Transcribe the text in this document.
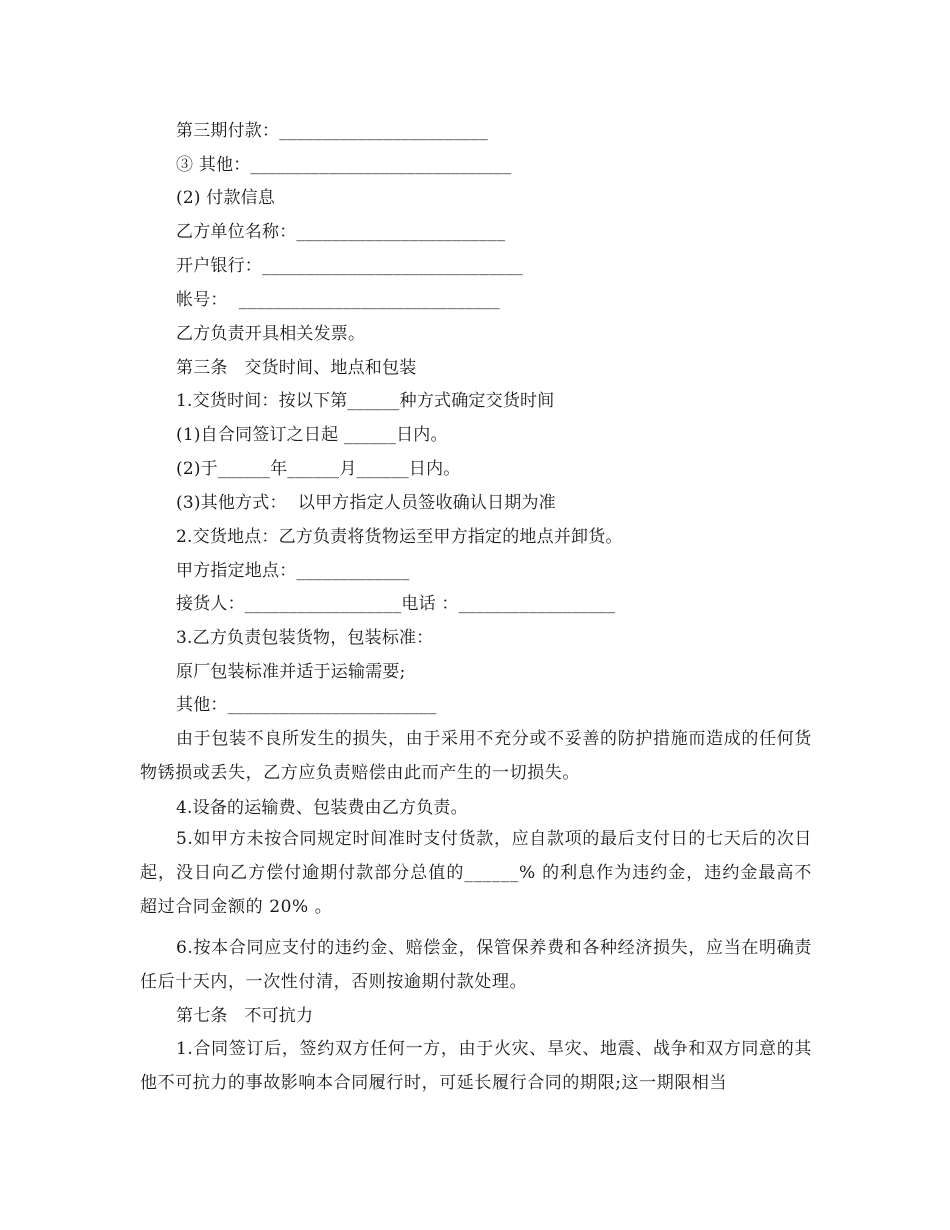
第三期付款：________________________
③ 其他：______________________________
(2) 付款信息
乙方单位名称：________________________
开户银行：______________________________
帐号：  ______________________________
乙方负责开具相关发票。
第三条   交货时间、地点和包装
1.交货时间：按以下第______种方式确定交货时间
(1)自合同签订之日起 ______日内。
(2)于______年______月______日内。
(3)其他方式：  以甲方指定人员签收确认日期为准
2.交货地点：乙方负责将货物运至甲方指定的地点并卸货。
甲方指定地点：_____________
接货人：__________________电话 ：__________________
3.乙方负责包装货物，包装标准：
原厂包装标准并适于运输需要;
其他：________________________
由于包装不良所发生的损失，由于采用不充分或不妥善的防护措施而造成的任何货物锈损或丢失，乙方应负责赔偿由此而产生的一切损失。
4.设备的运输费、包装费由乙方负责。
5.如甲方未按合同规定时间准时支付货款，应自款项的最后支付日的七天后的次日起，没日向乙方偿付逾期付款部分总值的______% 的利息作为违约金，违约金最高不超过合同金额的 20% 。
6.按本合同应支付的违约金、赔偿金，保管保养费和各种经济损失，应当在明确责任后十天内，一次性付清，否则按逾期付款处理。
第七条   不可抗力
1.合同签订后，签约双方任何一方，由于火灾、旱灾、地震、战争和双方同意的其他不可抗力的事故影响本合同履行时，可延长履行合同的期限;这一期限相当
